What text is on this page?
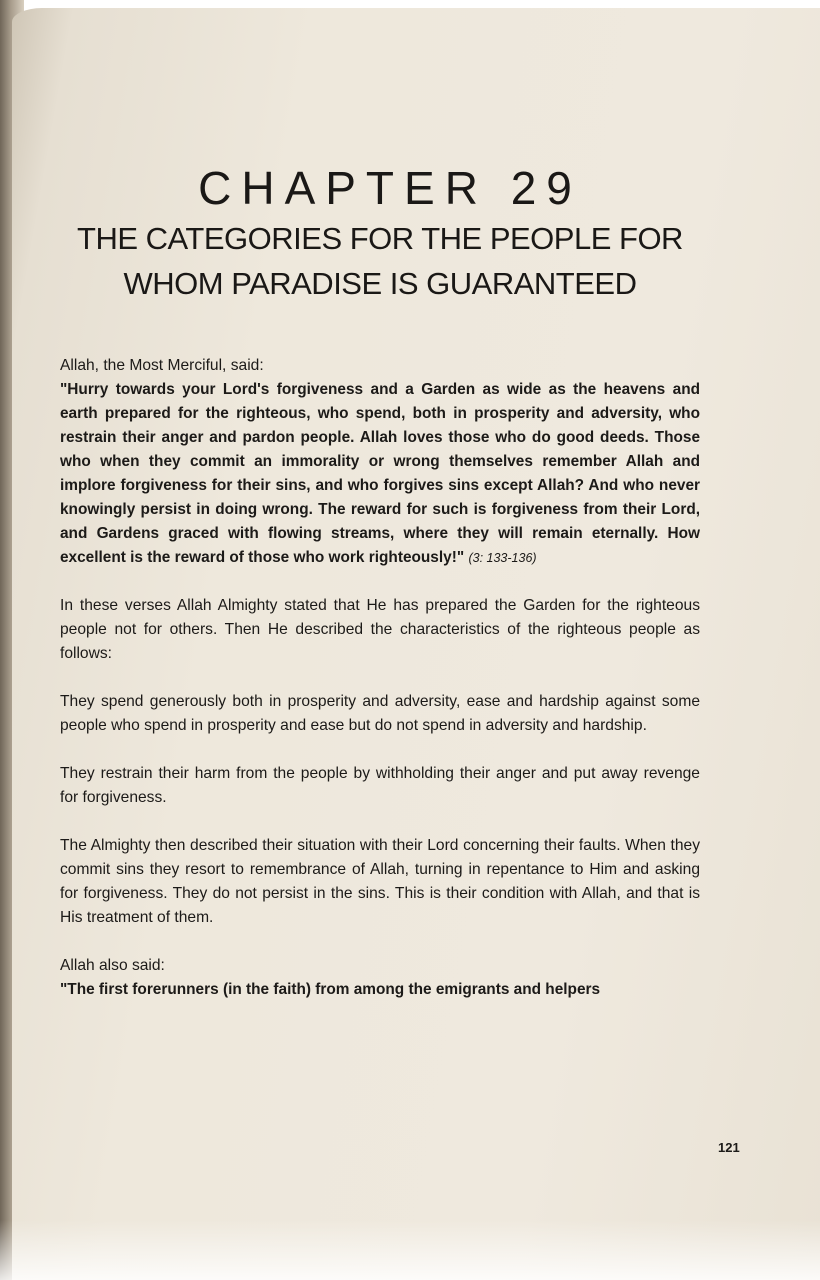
CHAPTER 29
THE CATEGORIES FOR THE PEOPLE FOR
WHOM PARADISE IS GUARANTEED

Allah, the Most Merciful, said:
"Hurry towards your Lord's forgiveness and a Garden as wide as the heavens and earth prepared for the righteous, who spend, both in prosperity and adversity, who restrain their anger and pardon people. Allah loves those who do good deeds. Those who when they commit an immorality or wrong themselves remember Allah and implore forgiveness for their sins, and who forgives sins except Allah? And who never knowingly persist in doing wrong. The reward for such is forgiveness from their Lord, and Gardens graced with flowing streams, where they will remain eternally. How excellent is the reward of those who work righteously!" (3: 133-136)

In these verses Allah Almighty stated that He has prepared the Garden for the righteous people not for others. Then He described the characteristics of the righteous people as follows:

They spend generously both in prosperity and adversity, ease and hardship against some people who spend in prosperity and ease but do not spend in adversity and hardship.

They restrain their harm from the people by withholding their anger and put away revenge for forgiveness.

The Almighty then described their situation with their Lord concerning their faults. When they commit sins they resort to remembrance of Allah, turning in repentance to Him and asking for forgiveness. They do not persist in the sins. This is their condition with Allah, and that is His treatment of them.

Allah also said:
"The first forerunners (in the faith) from among the emigrants and helpers

121
